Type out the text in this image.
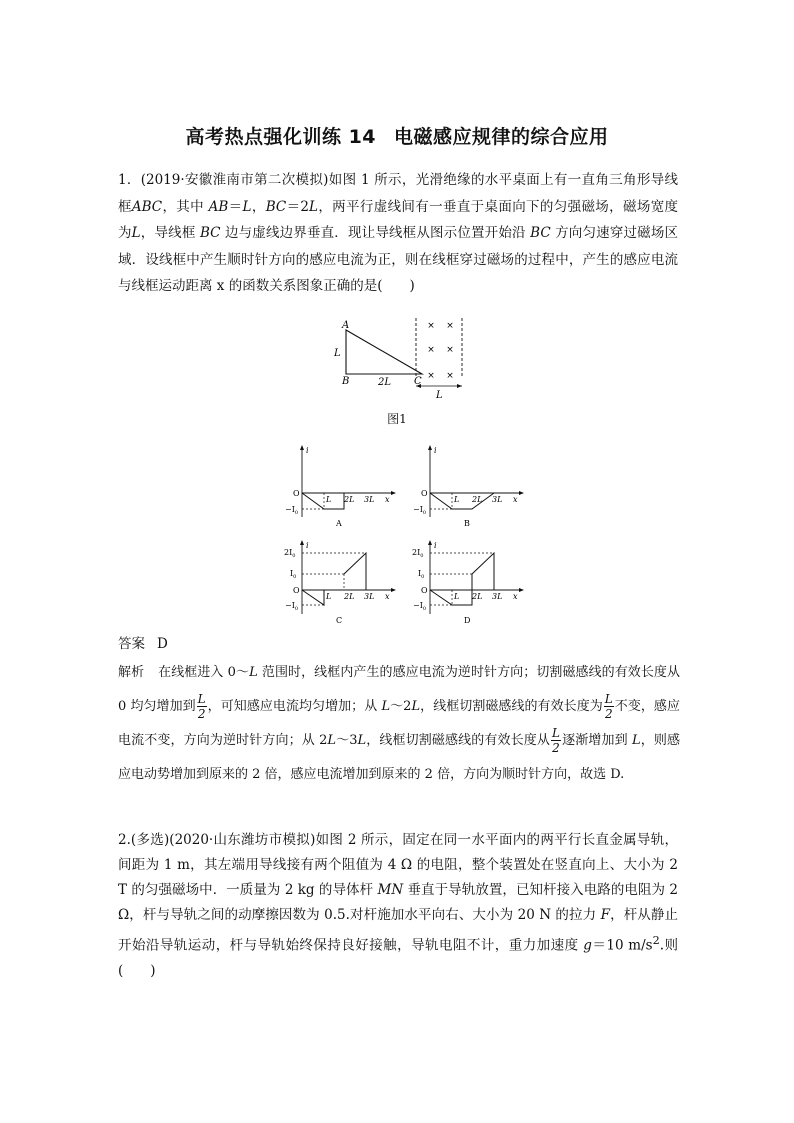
高考热点强化训练 14 电磁感应规律的综合应用
1．(2019·安徽淮南市第二次模拟)如图 1 所示，光滑绝缘的水平桌面上有一直角三角形导线框ABC，其中 AB＝L，BC＝2L，两平行虚线间有一垂直于桌面向下的匀强磁场，磁场宽度为L，导线框 BC 边与虚线边界垂直．现让导线框从图示位置开始沿 BC 方向匀速穿过磁场区域．设线框中产生顺时针方向的感应电流为正，则在线框穿过磁场的过程中，产生的感应电流与线框运动距离 x 的函数关系图象正确的是(　　)
× ×
× ×
× ×
A
B	C
L
2L
L
图1
i
O
$-I_0$
L 2L 3L x
A
i
O
$-I_0$
L 2L 3L x
B
i
$2I_0$
$I_0$
O
$-I_0$
L 2L 3L x
C
i
$2I_0$
$I_0$
O
$-I_0$
L 2L 3L x
D
答案 D
解析 在线框进入 0～L 范围时，线框内产生的感应电流为逆时针方向；切割磁感线的有效长度从 0 均匀增加到 $\frac{L}{2}$ ，可知感应电流均匀增加；从 L～2L，线框切割磁感线的有效长度为 $\frac{L}{2}$ 不变，感应电流不变，方向为逆时针方向；从 2L～3L，线框切割磁感线的有效长度从 $\frac{L}{2}$ 逐渐增加到 L，则感应电动势增加到原来的 2 倍，感应电流增加到原来的 2 倍，方向为顺时针方向，故选 D.
2.(多选)(2020·山东潍坊市模拟)如图 2 所示，固定在同一水平面内的两平行长直金属导轨，间距为 1 m，其左端用导线接有两个阻值为 4 Ω 的电阻，整个装置处在竖直向上、大小为 2 T 的匀强磁场中．一质量为 2 kg 的导体杆 MN 垂直于导轨放置，已知杆接入电路的电阻为 2 Ω，杆与导轨之间的动摩擦因数为 0.5.对杆施加水平向右、大小为 20 N 的拉力 F，杆从静止开始沿导轨运动，杆与导轨始终保持良好接触，导轨电阻不计，重力加速度 g＝10 $m/s^2$.则(　　)
